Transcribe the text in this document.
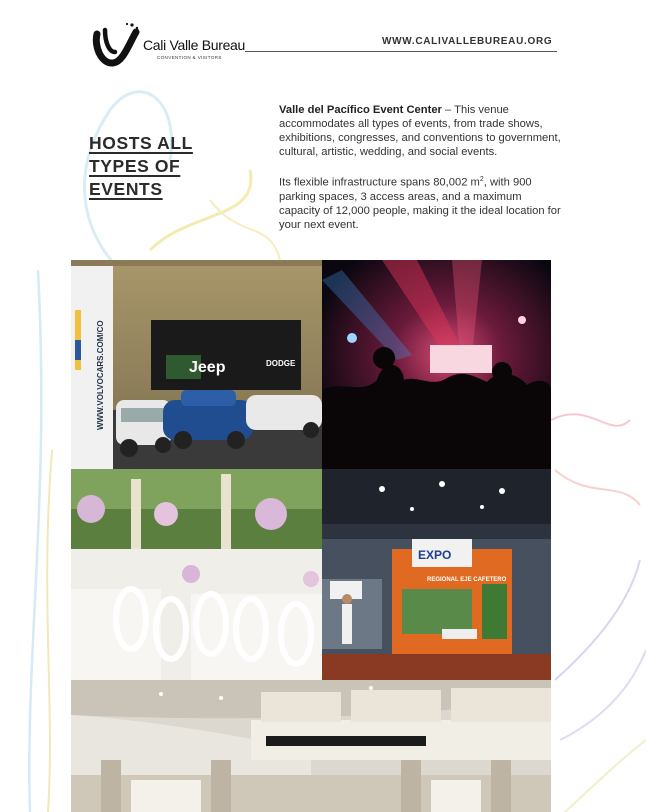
Cali Valle Bureau
CONVENTION & VISITORS
WWW.CALIVALLEBUREAU.ORG
HOSTS ALL TYPES OF EVENTS

Valle del Pacífico Event Center – This venue accommodates all types of events, from trade shows, exhibitions, congresses, and conventions to government, cultural, artistic, wedding, and social events.

Its flexible infrastructure spans 80,002 $m^2$, with 900 parking spaces, 3 access areas, and a maximum capacity of 12,000 people, making it the ideal location for your next event.

Jeep	DODGE
WWW.VOLVOCARS.COM/CO
EXPO
REGIONAL EJE CAFETERO
